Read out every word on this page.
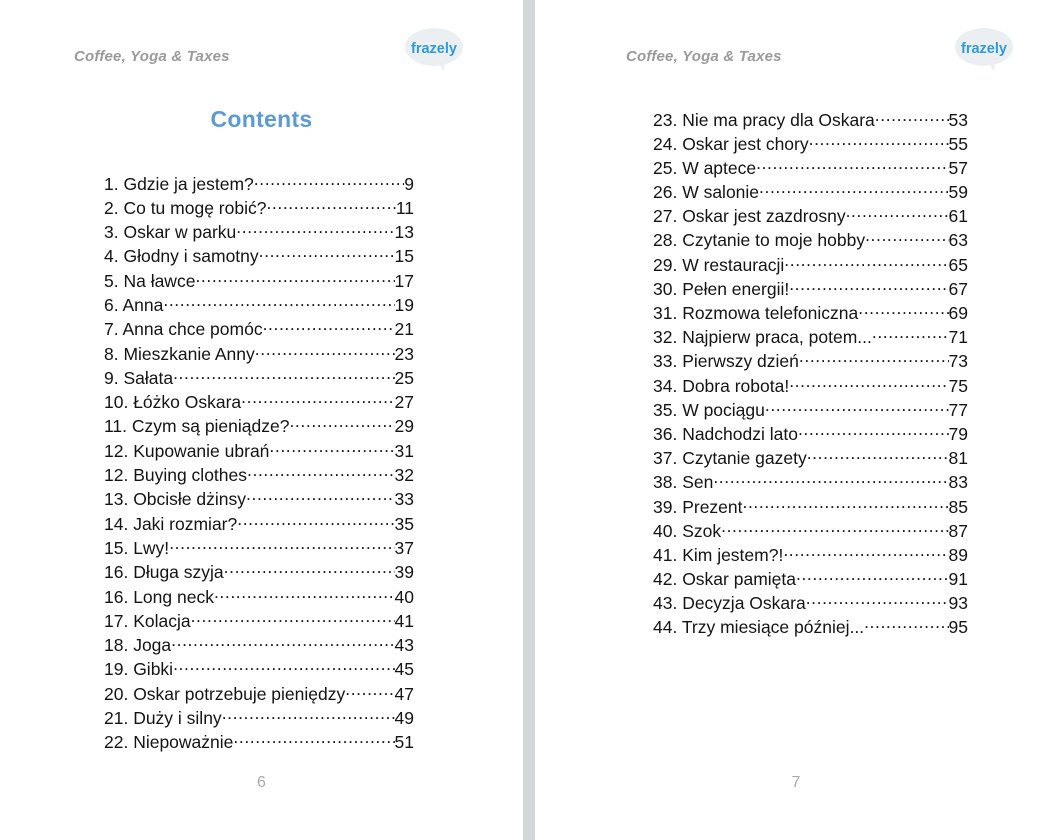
Coffee, Yoga & Taxes	frazely
Contents
1. Gdzie ja jestem? .....	9
2. Co tu mogę robić? .....	11
3. Oskar w parku .....	13
4. Głodny i samotny .....	15
5. Na ławce .....	17
6. Anna .....	19
7. Anna chce pomóc .....	21
8. Mieszkanie Anny .....	23
9. Sałata .....	25
10. Łóżko Oskara .....	27
11. Czym są pieniądze? .....	29
12. Kupowanie ubrań .....	31
12. Buying clothes .....	32
13. Obcisłe dżinsy .....	33
14. Jaki rozmiar? .....	35
15. Lwy! .....	37
16. Długa szyja .....	39
16. Long neck .....	40
17. Kolacja .....	41
18. Joga .....	43
19. Gibki .....	45
20. Oskar potrzebuje pieniędzy .....	47
21. Duży i silny .....	49
22. Niepoważnie .....	51
6
Coffee, Yoga & Taxes	frazely
23. Nie ma pracy dla Oskara .....	53
24. Oskar jest chory .....	55
25. W aptece .....	57
26. W salonie .....	59
27. Oskar jest zazdrosny .....	61
28. Czytanie to moje hobby .....	63
29. W restauracji .....	65
30. Pełen energii! .....	67
31. Rozmowa telefoniczna .....	69
32. Najpierw praca, potem... .....	71
33. Pierwszy dzień .....	73
34. Dobra robota! .....	75
35. W pociągu .....	77
36. Nadchodzi lato .....	79
37. Czytanie gazety .....	81
38. Sen .....	83
39. Prezent .....	85
40. Szok .....	87
41. Kim jestem?! .....	89
42. Oskar pamięta .....	91
43. Decyzja Oskara .....	93
44. Trzy miesiące później... .....	95
7
